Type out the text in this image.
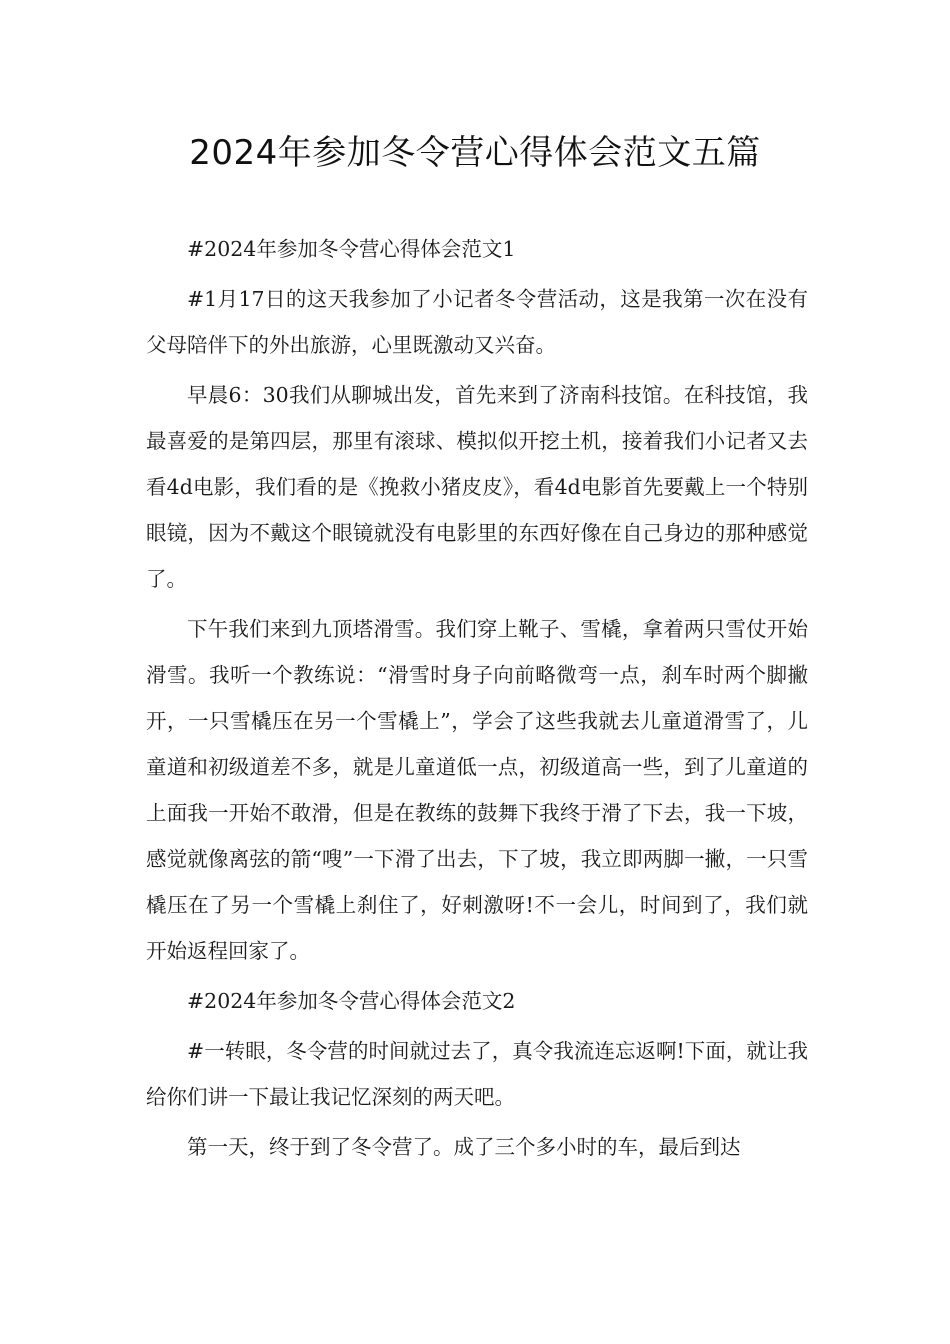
2024年参加冬令营心得体会范文五篇

#2024年参加冬令营心得体会范文1

#1月17日的这天我参加了小记者冬令营活动，这是我第一次在没有父母陪伴下的外出旅游，心里既激动又兴奋。

早晨6：30我们从聊城出发，首先来到了济南科技馆。在科技馆，我最喜爱的是第四层，那里有滚球、模拟似开挖土机，接着我们小记者又去看4d电影，我们看的是《挽救小猪皮皮》，看4d电影首先要戴上一个特别眼镜，因为不戴这个眼镜就没有电影里的东西好像在自己身边的那种感觉了。

下午我们来到九顶塔滑雪。我们穿上靴子、雪橇，拿着两只雪仗开始滑雪。我听一个教练说：“滑雪时身子向前略微弯一点，刹车时两个脚撇开，一只雪橇压在另一个雪橇上”，学会了这些我就去儿童道滑雪了，儿童道和初级道差不多，就是儿童道低一点，初级道高一些，到了儿童道的上面我一开始不敢滑，但是在教练的鼓舞下我终于滑了下去，我一下坡，感觉就像离弦的箭“嗖”一下滑了出去，下了坡，我立即两脚一撇，一只雪橇压在了另一个雪橇上刹住了，好刺激呀!不一会儿，时间到了，我们就开始返程回家了。

#2024年参加冬令营心得体会范文2

#一转眼，冬令营的时间就过去了，真令我流连忘返啊!下面，就让我给你们讲一下最让我记忆深刻的两天吧。

第一天，终于到了冬令营了。成了三个多小时的车，最后到达
